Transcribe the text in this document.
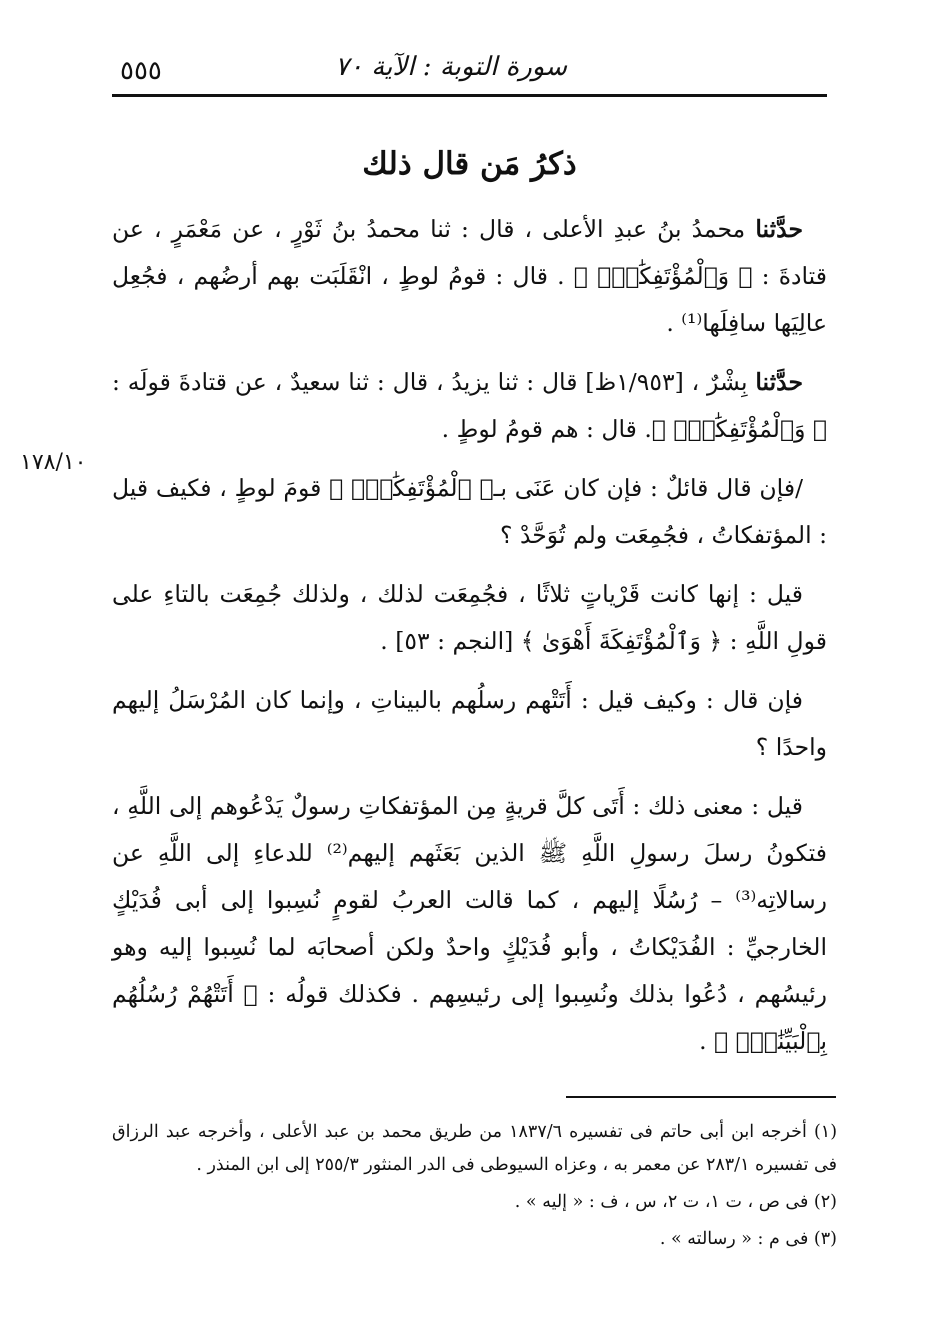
٥٥٥	سورة التوبة : الآية ٧٠
ذكرُ مَن قال ذلك

حدَّثنا محمدُ بنُ عبدِ الأعلى ، قال : ثنا محمدُ بنُ ثَوْرٍ ، عن مَعْمَرٍ ، عن قتادةَ : ﴿ وَٱلْمُؤْتَفِكَٰتِۚ ﴾ . قال : قومُ لوطٍ ، انْقَلَبَت بهم أرضُهم ، فجُعِل عالِيَها سافِلَها⁽¹⁾ .

حدَّثنا بِشْرٌ ، [١/٩٥٣ظ] قال : ثنا يزيدُ ، قال : ثنا سعيدٌ ، عن قتادةَ قولَه : ﴿ وَٱلْمُؤْتَفِكَٰتِۚ ﴾. قال : هم قومُ لوطٍ .

/فإن قال قائلٌ : فإن كان عَنَى بـ﴿ ٱلْمُؤْتَفِكَٰتِۚ ﴾ قومَ لوطٍ ، فكيف قيل : المؤتفكاتُ ، فجُمِعَت ولم تُوَحَّدْ ؟

قيل : إنها كانت قَرْياتٍ ثلاثًا ، فجُمِعَت لذلك ، ولذلك جُمِعَت بالتاءِ على قولِ اللَّهِ : ﴿ وَٱلْمُؤْتَفِكَةَ أَهْوَىٰ ﴾ [النجم : ٥٣] .

فإن قال : وكيف قيل : أَتَتْهم رسلُهم بالبيناتِ ، وإنما كان المُرْسَلُ إليهم واحدًا ؟

قيل : معنى ذلك : أَتَى كلَّ قريةٍ مِن المؤتفكاتِ رسولٌ يَدْعُوهم إلى اللَّهِ ، فتكونُ رسلَ رسولِ اللَّهِ ﷺ الذين بَعَثَهم إليهم⁽²⁾ للدعاءِ إلى اللَّهِ عن رسالاتِه⁽³⁾ – رُسُلًا إليهم ، كما قالت العربُ لقومٍ نُسِبوا إلى أبى فُدَيْكٍ الخارجيِّ : الفُدَيْكاتُ ، وأبو فُدَيْكٍ واحدٌ ولكن أصحابَه لما نُسِبوا إليه وهو رئيسُهم ، دُعُوا بذلك ونُسِبوا إلى رئيسِهم . فكذلك قولُه : ﴿ أَتَتْهُمْ رُسُلُهُم بِٱلْبَيِّنَٰتِۖ ﴾ .

١٧٨/١٠

(١) أخرجه ابن أبى حاتم فى تفسيره ١٨٣٧/٦ من طريق محمد بن عبد الأعلى ، وأخرجه عبد الرزاق فى تفسيره ٢٨٣/١ عن معمر به ، وعزاه السيوطى فى الدر المنثور ٢٥٥/٣ إلى ابن المنذر .

(٢) فى ص ، ت ١، ت ٢، س ، ف : « إليه » .

(٣) فى م : « رسالته » .
